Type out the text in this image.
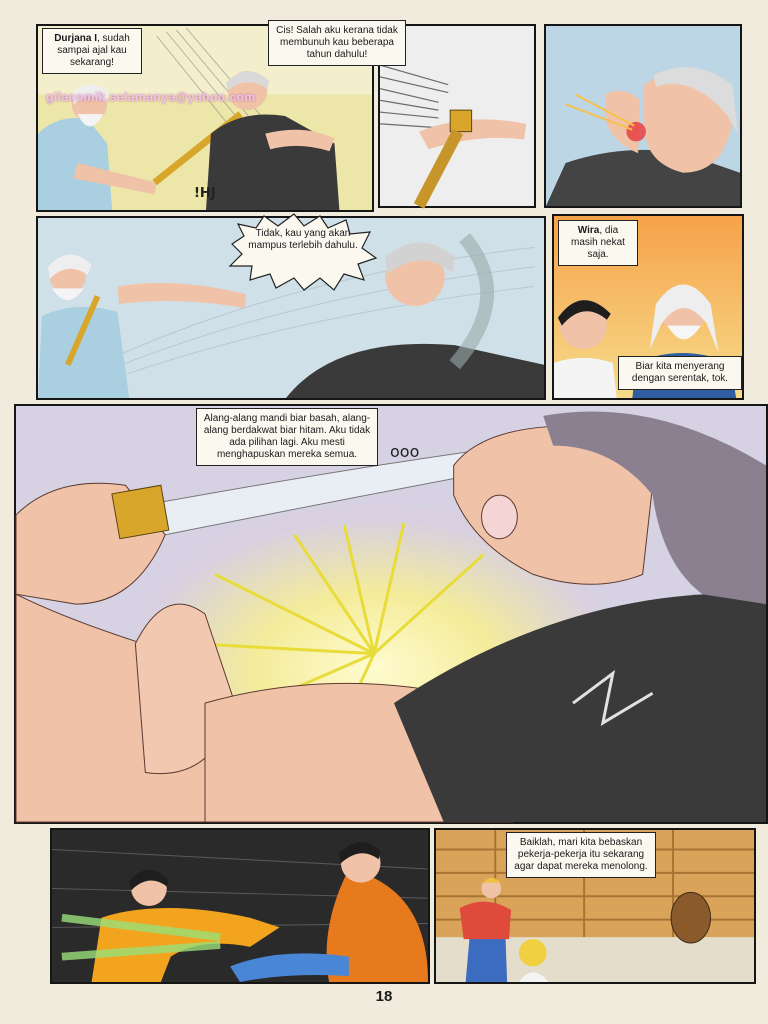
Durjana I, sudah sampai ajal kau sekarang!
Cis! Salah aku kerana tidak membunuh kau beberapa tahun dahulu!
!HJ
Tidak, kau yang akan mampus terlebih dahulu.
Wira, dia masih nekat saja.
Biar kita menyerang dengan serentak, tok.
Alang-alang mandi biar basah, alang-alang berdakwat biar hitam. Aku tidak ada pilihan lagi. Aku mesti menghapuskan mereka semua.	ooo
Baiklah, mari kita bebaskan pekerja-pekerja itu sekarang agar dapat mereka menolong.
gilacomik.selamanya@yahoo.com
18
